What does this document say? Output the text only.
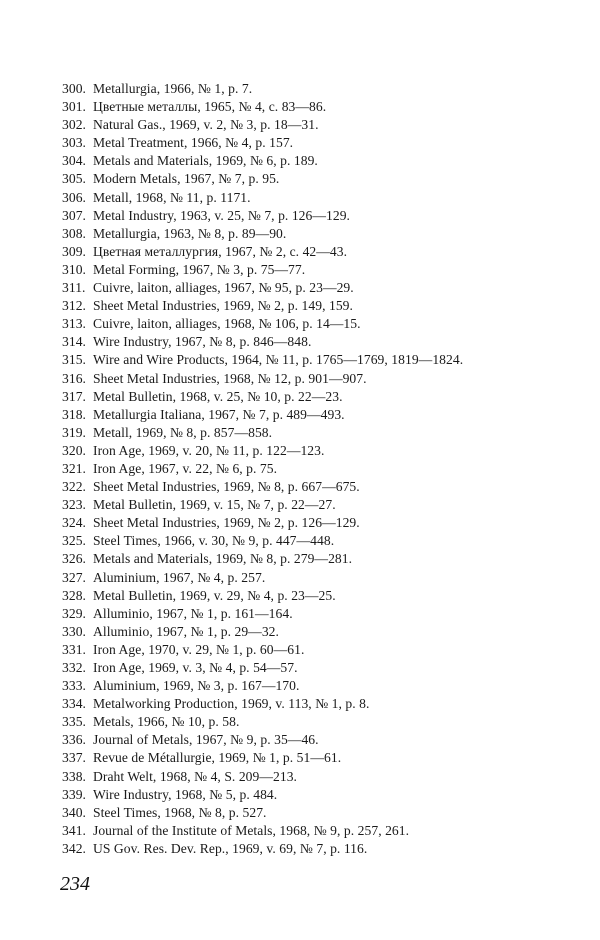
300. Metallurgia, 1966, № 1, p. 7.
301. Цветные металлы, 1965, № 4, с. 83—86.
302. Natural Gas., 1969, v. 2, № 3, p. 18—31.
303. Metal Treatment, 1966, № 4, p. 157.
304. Metals and Materials, 1969, № 6, p. 189.
305. Modern Metals, 1967, № 7, p. 95.
306. Metall, 1968, № 11, p. 1171.
307. Metal Industry, 1963, v. 25, № 7, p. 126—129.
308. Metallurgia, 1963, № 8, p. 89—90.
309. Цветная металлургия, 1967, № 2, с. 42—43.
310. Metal Forming, 1967, № 3, p. 75—77.
311. Cuivre, laiton, alliages, 1967, № 95, p. 23—29.
312. Sheet Metal Industries, 1969, № 2, p. 149, 159.
313. Cuivre, laiton, alliages, 1968, № 106, p. 14—15.
314. Wire Industry, 1967, № 8, p. 846—848.
315. Wire and Wire Products, 1964, № 11, p. 1765—1769, 1819—1824.
316. Sheet Metal Industries, 1968, № 12, p. 901—907.
317. Metal Bulletin, 1968, v. 25, № 10, p. 22—23.
318. Metallurgia Italiana, 1967, № 7, p. 489—493.
319. Metall, 1969, № 8, p. 857—858.
320. Iron Age, 1969, v. 20, № 11, p. 122—123.
321. Iron Age, 1967, v. 22, № 6, p. 75.
322. Sheet Metal Industries, 1969, № 8, p. 667—675.
323. Metal Bulletin, 1969, v. 15, № 7, p. 22—27.
324. Sheet Metal Industries, 1969, № 2, p. 126—129.
325. Steel Times, 1966, v. 30, № 9, p. 447—448.
326. Metals and Materials, 1969, № 8, p. 279—281.
327. Aluminium, 1967, № 4, p. 257.
328. Metal Bulletin, 1969, v. 29, № 4, p. 23—25.
329. Alluminio, 1967, № 1, p. 161—164.
330. Alluminio, 1967, № 1, p. 29—32.
331. Iron Age, 1970, v. 29, № 1, p. 60—61.
332. Iron Age, 1969, v. 3, № 4, p. 54—57.
333. Aluminium, 1969, № 3, p. 167—170.
334. Metalworking Production, 1969, v. 113, № 1, p. 8.
335. Metals, 1966, № 10, p. 58.
336. Journal of Metals, 1967, № 9, p. 35—46.
337. Revue de Métallurgie, 1969, № 1, p. 51—61.
338. Draht Welt, 1968, № 4, S. 209—213.
339. Wire Industry, 1968, № 5, p. 484.
340. Steel Times, 1968, № 8, p. 527.
341. Journal of the Institute of Metals, 1968, № 9, p. 257, 261.
342. US Gov. Res. Dev. Rep., 1969, v. 69, № 7, p. 116.
234
